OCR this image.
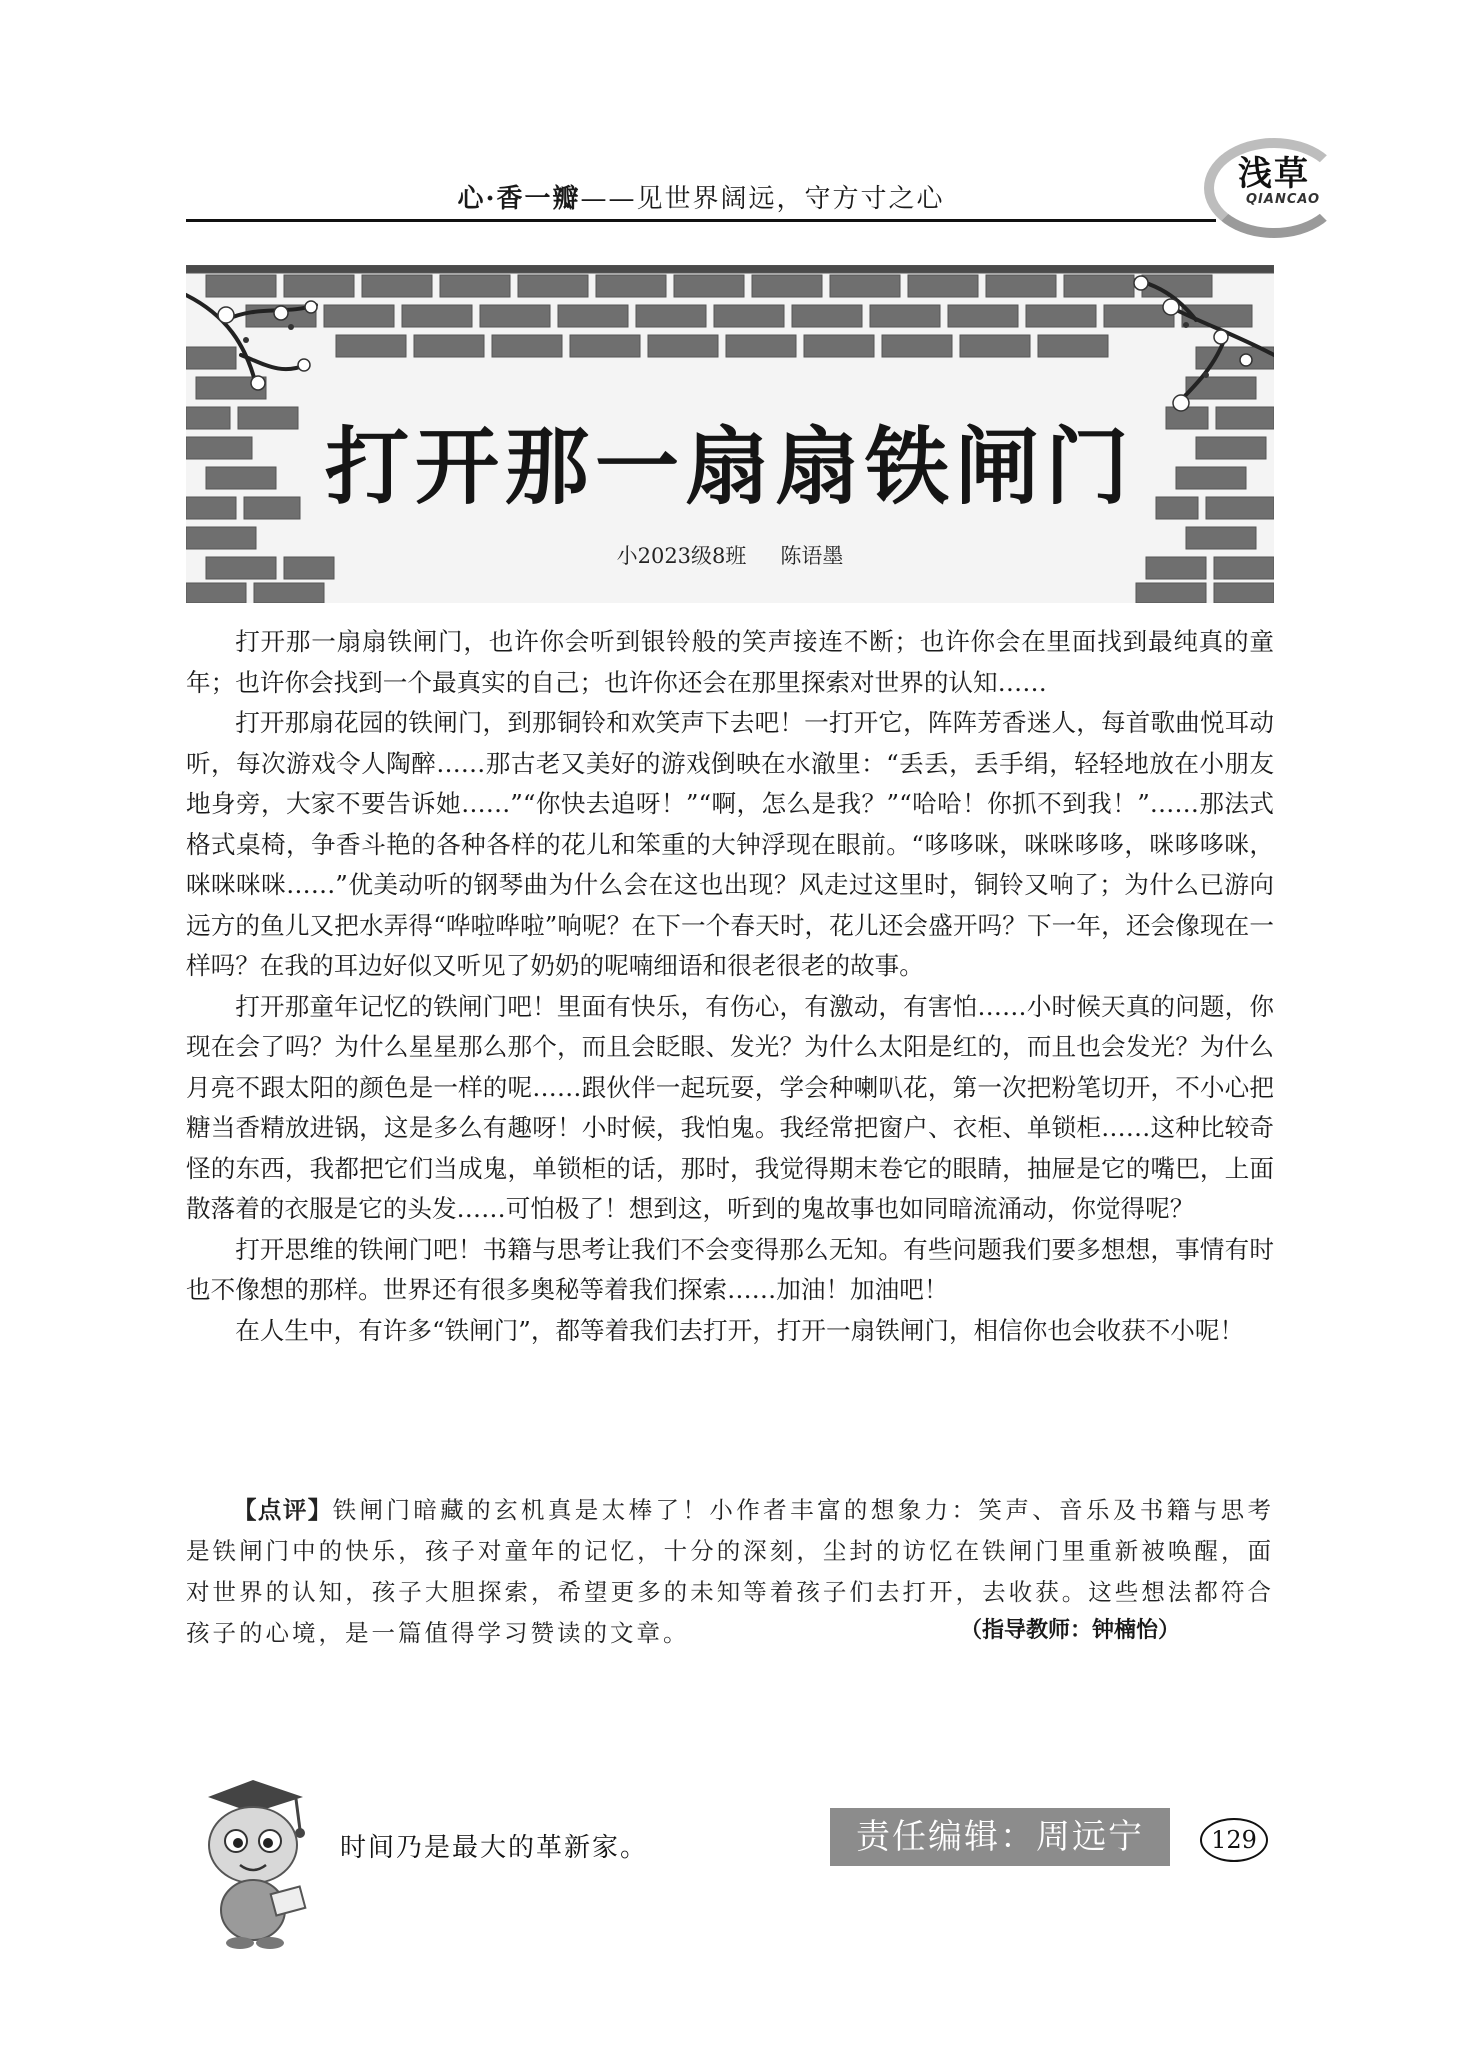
心·香一瓣——见世界阔远，守方寸之心
浅草
QIANCAO
打开那一扇扇铁闸门
小2023级8班 陈语墨

打开那一扇扇铁闸门，也许你会听到银铃般的笑声接连不断；也许你会在里面找到最纯真的童年；也许你会找到一个最真实的自己；也许你还会在那里探索对世界的认知……

打开那扇花园的铁闸门，到那铜铃和欢笑声下去吧！一打开它，阵阵芳香迷人，每首歌曲悦耳动听，每次游戏令人陶醉……那古老又美好的游戏倒映在水澈里：“丢丢，丢手绢，轻轻地放在小朋友地身旁，大家不要告诉她……”“你快去追呀！”“啊，怎么是我？”“哈哈！你抓不到我！”……那法式格式桌椅，争香斗艳的各种各样的花儿和笨重的大钟浮现在眼前。“哆哆咪，咪咪哆哆，咪哆哆咪，咪咪咪咪……”优美动听的钢琴曲为什么会在这也出现？风走过这里时，铜铃又响了；为什么已游向远方的鱼儿又把水弄得“哗啦哗啦”响呢？在下一个春天时，花儿还会盛开吗？下一年，还会像现在一样吗？在我的耳边好似又听见了奶奶的呢喃细语和很老很老的故事。

打开那童年记忆的铁闸门吧！里面有快乐，有伤心，有激动，有害怕……小时候天真的问题，你现在会了吗？为什么星星那么那个，而且会眨眼、发光？为什么太阳是红的，而且也会发光？为什么月亮不跟太阳的颜色是一样的呢……跟伙伴一起玩耍，学会种喇叭花，第一次把粉笔切开，不小心把糖当香精放进锅，这是多么有趣呀！小时候，我怕鬼。我经常把窗户、衣柜、单锁柜……这种比较奇怪的东西，我都把它们当成鬼，单锁柜的话，那时，我觉得期末卷它的眼睛，抽屉是它的嘴巴，上面散落着的衣服是它的头发……可怕极了！想到这，听到的鬼故事也如同暗流涌动，你觉得呢？

打开思维的铁闸门吧！书籍与思考让我们不会变得那么无知。有些问题我们要多想想，事情有时也不像想的那样。世界还有很多奥秘等着我们探索……加油！加油吧！

在人生中，有许多“铁闸门”，都等着我们去打开，打开一扇铁闸门，相信你也会收获不小呢！

【点评】铁闸门暗藏的玄机真是太棒了！小作者丰富的想象力：笑声、音乐及书籍与思考是铁闸门中的快乐，孩子对童年的记忆，十分的深刻，尘封的访忆在铁闸门里重新被唤醒，面对世界的认知，孩子大胆探索，希望更多的未知等着孩子们去打开，去收获。这些想法都符合孩子的心境，是一篇值得学习赞读的文章。	（指导教师：钟楠怡）
时间乃是最大的革新家。	责任编辑：周远宁	129
